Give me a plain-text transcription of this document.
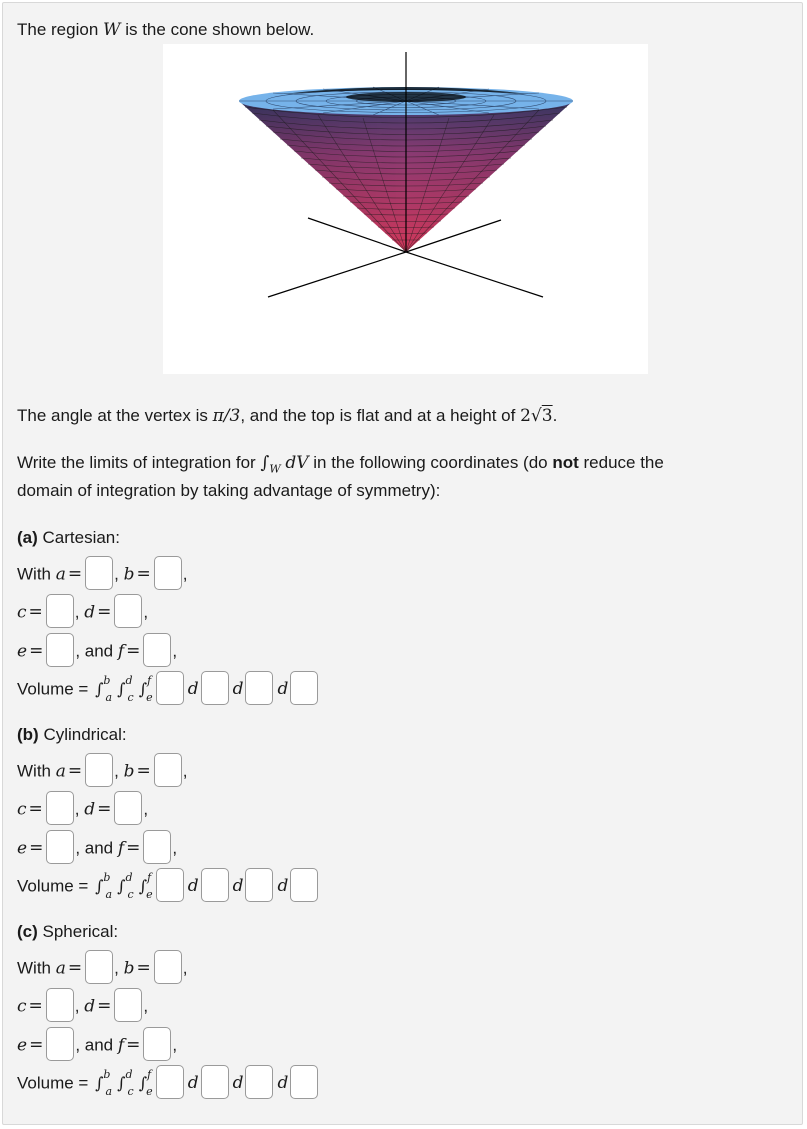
The region W is the cone shown below.
The angle at the vertex is π/3, and the top is flat and at a height of 2√3.
Write the limits of integration for $\int_W$ dV in the following coordinates (do not reduce the
domain of integration by taking advantage of symmetry):
(a) Cartesian:
With a = , b = ,
c = , d = ,
e = , and f = ,
Volume = ∫$^b_a$ ∫$^d_c$ ∫$^f_e$ d d d
(b) Cylindrical:
With a = , b = ,
c = , d = ,
e = , and f = ,
Volume = ∫$^b_a$ ∫$^d_c$ ∫$^f_e$ d d d
(c) Spherical:
With a = , b = ,
c = , d = ,
e = , and f = ,
Volume = ∫$^b_a$ ∫$^d_c$ ∫$^f_e$ d d d
